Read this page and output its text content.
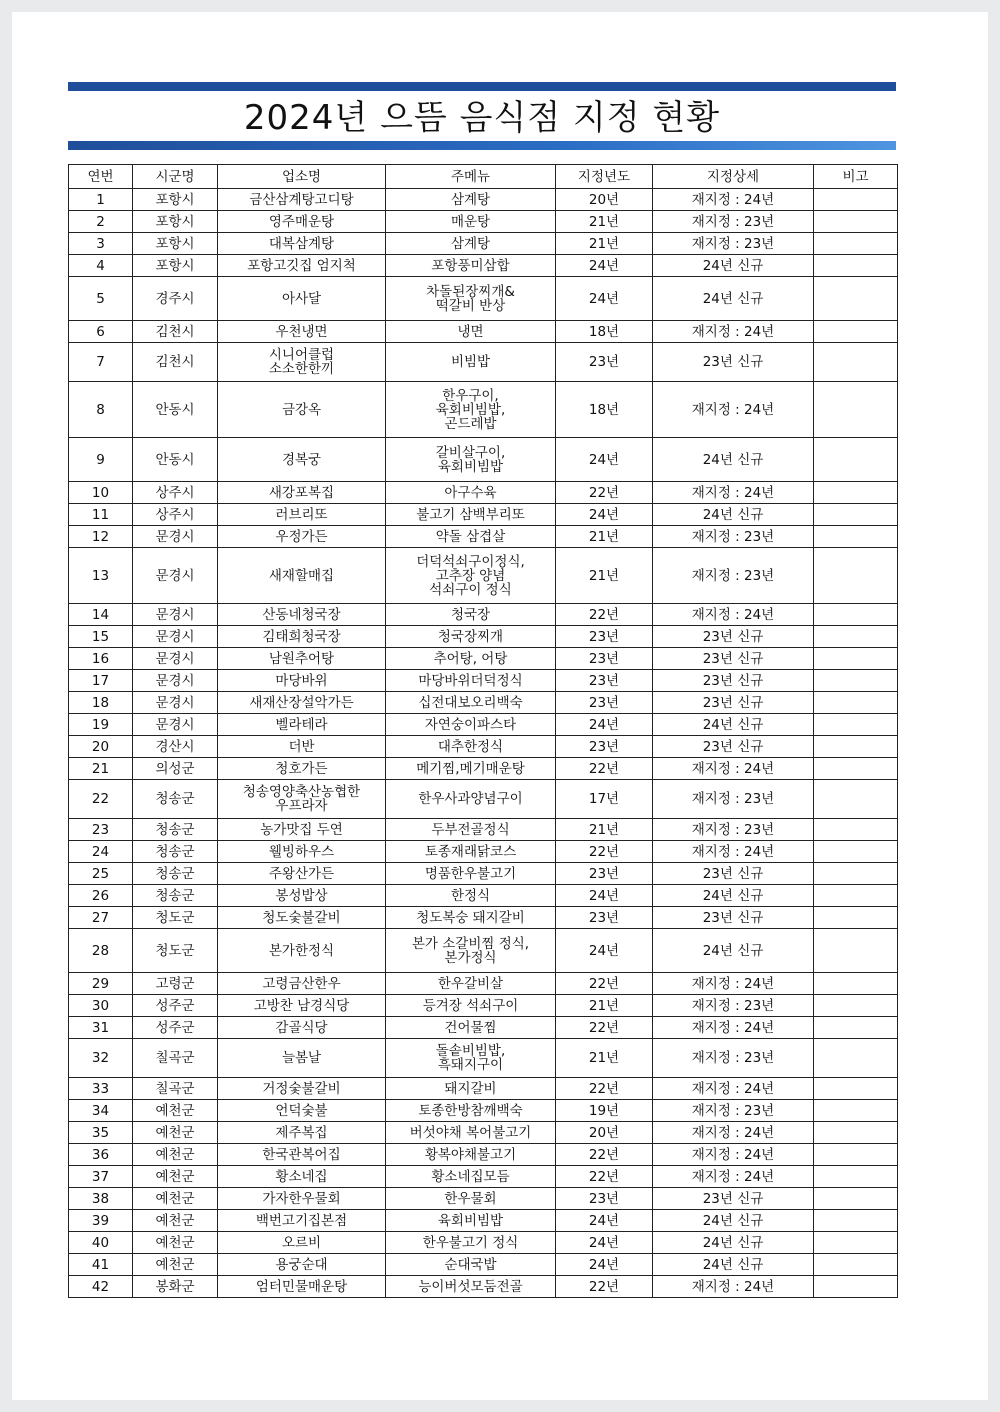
2024년 으뜸 음식점 지정 현황
연번	시군명	업소명	주메뉴	지정년도	지정상세	비고
1	포항시	금산삼계탕고디탕	삼계탕	20년	재지정 : 24년	
2	포항시	영주매운탕	매운탕	21년	재지정 : 23년	
3	포항시	대복삼계탕	삼계탕	21년	재지정 : 23년	
4	포항시	포항고깃집 엄지척	포항풍미삼합	24년	24년 신규	
5	경주시	아사달	차돌된장찌개&
떡갈비 반상	24년	24년 신규	
6	김천시	우천냉면	냉면	18년	재지정 : 24년	
7	김천시	시니어클럽
소소한한끼	비빔밥	23년	23년 신규	
8	안동시	금강옥	한우구이,
육회비빔밥,
곤드레밥	18년	재지정 : 24년	
9	안동시	경복궁	갈비살구이,
육회비빔밥	24년	24년 신규	
10	상주시	새강포복집	아구수육	22년	재지정 : 24년	
11	상주시	러브리또	불고기 삼백부리또	24년	24년 신규	
12	문경시	우정가든	약돌 삼겹살	21년	재지정 : 23년	
13	문경시	새재할매집	더덕석쇠구이정식,
고추장 양념
석쇠구이 정식	21년	재지정 : 23년	
14	문경시	산동네청국장	청국장	22년	재지정 : 24년	
15	문경시	김태희청국장	청국장찌개	23년	23년 신규	
16	문경시	남원추어탕	추어탕, 어탕	23년	23년 신규	
17	문경시	마당바위	마당바위더덕정식	23년	23년 신규	
18	문경시	새재산장설악가든	십전대보오리백숙	23년	23년 신규	
19	문경시	벨라테라	자연숭이파스타	24년	24년 신규	
20	경산시	더반	대추한정식	23년	23년 신규	
21	의성군	청호가든	메기찜,메기매운탕	22년	재지정 : 24년	
22	청송군	청송영양축산농협한
우프라자	한우사과양념구이	17년	재지정 : 23년	
23	청송군	농가맛집 두연	두부전골정식	21년	재지정 : 23년	
24	청송군	웰빙하우스	토종재래닭코스	22년	재지정 : 24년	
25	청송군	주왕산가든	명품한우불고기	23년	23년 신규	
26	청송군	봉성밥상	한정식	24년	24년 신규	
27	청도군	청도숯불갈비	청도복숭 돼지갈비	23년	23년 신규	
28	청도군	본가한정식	본가 소갈비찜 정식,
본가정식	24년	24년 신규	
29	고령군	고령금산한우	한우갈비살	22년	재지정 : 24년	
30	성주군	고방찬 남경식당	등겨장 석쇠구이	21년	재지정 : 23년	
31	성주군	감골식당	건어물찜	22년	재지정 : 24년	
32	칠곡군	늘봄날	돌솥비빔밥,
흑돼지구이	21년	재지정 : 23년	
33	칠곡군	거정숯불갈비	돼지갈비	22년	재지정 : 24년	
34	예천군	언덕숯불	토종한방참깨백숙	19년	재지정 : 23년	
35	예천군	제주복집	버섯야채 복어불고기	20년	재지정 : 24년	
36	예천군	한국관복어집	황복야채불고기	22년	재지정 : 24년	
37	예천군	황소네집	황소네집모듬	22년	재지정 : 24년	
38	예천군	가자한우물회	한우물회	23년	23년 신규	
39	예천군	백번고기집본점	육회비빔밥	24년	24년 신규	
40	예천군	오르비	한우불고기 정식	24년	24년 신규	
41	예천군	용궁순대	순대국밥	24년	24년 신규	
42	봉화군	엄터민물매운탕	능이버섯모둠전골	22년	재지정 : 24년	
